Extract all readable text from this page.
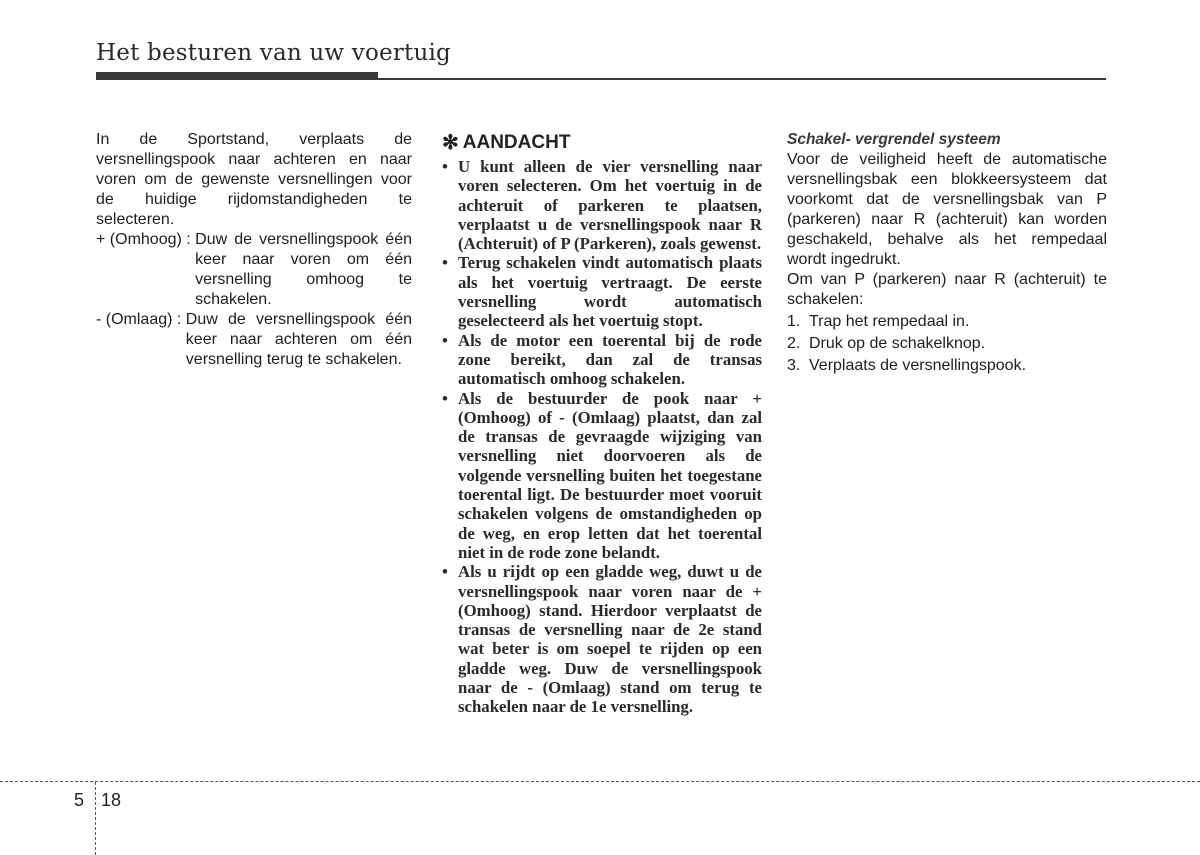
Het besturen van uw voertuig

In de Sportstand, verplaats de versnellingspook naar achteren en naar voren om de gewenste versnellingen voor de huidige rijdomstandigheden te selecteren.

+ (Omhoog) : Duw de versnellingspook één keer naar voren om één versnelling omhoog te schakelen.
- (Omlaag) : Duw de versnellingspook één keer naar achteren om één versnelling terug te schakelen.
✻ AANDACHT
• U kunt alleen de vier versnelling naar voren selecteren. Om het voertuig in de achteruit of parkeren te plaatsen, verplaatst u de versnellingspook naar R (Achteruit) of P (Parkeren), zoals gewenst.
• Terug schakelen vindt automatisch plaats als het voertuig vertraagt. De eerste versnelling wordt automatisch geselecteerd als het voertuig stopt.
• Als de motor een toerental bij de rode zone bereikt, dan zal de transas automatisch omhoog schakelen.
• Als de bestuurder de pook naar + (Omhoog) of - (Omlaag) plaatst, dan zal de transas de gevraagde wijziging van versnelling niet doorvoeren als de volgende versnelling buiten het toegestane toerental ligt. De bestuurder moet vooruit schakelen volgens de omstandigheden op de weg, en erop letten dat het toerental niet in de rode zone belandt.
• Als u rijdt op een gladde weg, duwt u de versnellingspook naar voren naar de + (Omhoog) stand. Hierdoor verplaatst de transas de versnelling naar de 2e stand wat beter is om soepel te rijden op een gladde weg. Duw de versnellingspook naar de - (Omlaag) stand om terug te schakelen naar de 1e versnelling.

Schakel- vergrendel systeem

Voor de veiligheid heeft de automatische versnellingsbak een blokkeersysteem dat voorkomt dat de versnellingsbak van P (parkeren) naar R (achteruit) kan worden geschakeld, behalve als het rempedaal wordt ingedrukt.

Om van P (parkeren) naar R (achteruit) te schakelen:

1. Trap het rempedaal in.
2. Druk op de schakelknop.
3. Verplaats de versnellingspook.
5 18
